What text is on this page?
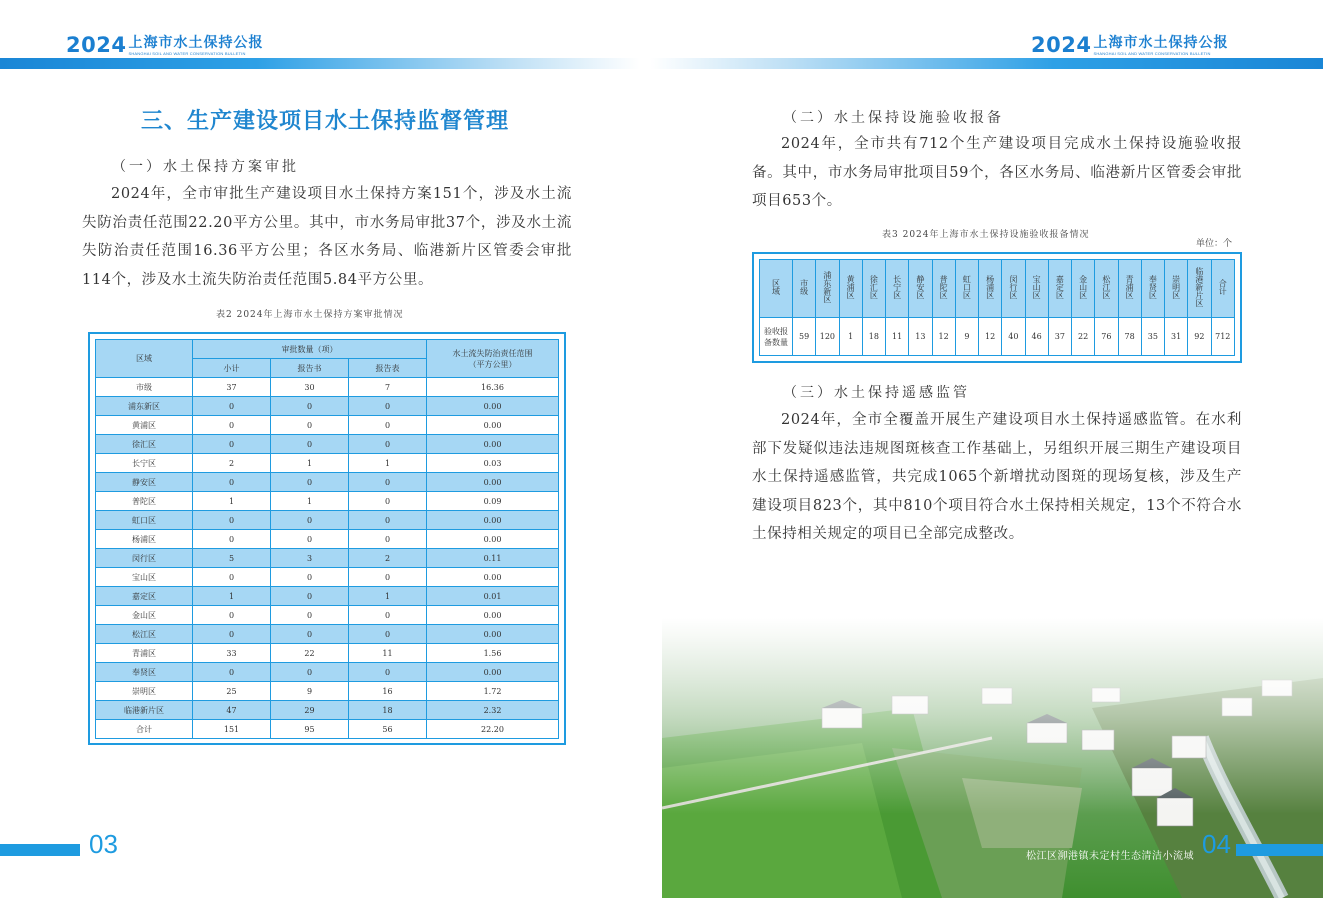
2024 上海市水土保持公报
SHANGHAI SOIL AND WATER CONSERVATION BULLETIN	2024 上海市水土保持公报
SHANGHAI SOIL AND WATER CONSERVATION BULLETIN
三、生产建设项目水土保持监督管理
（一）水土保持方案审批

2024年，全市审批生产建设项目水土保持方案151个，涉及水土流失防治责任范围22.20平方公里。其中，市水务局审批37个，涉及水土流失防治责任范围16.36平方公里；各区水务局、临港新片区管委会审批114个，涉及水土流失防治责任范围5.84平方公里。

表2 2024年上海市水土保持方案审批情况
区域	审批数量（项）			水土流失防治责任范围
（平方公里）
	小计	报告书	报告表	
市级	37	30	7	16.36
浦东新区	0	0	0	0.00
黄浦区	0	0	0	0.00
徐汇区	0	0	0	0.00
长宁区	2	1	1	0.03
静安区	0	0	0	0.00
普陀区	1	1	0	0.09
虹口区	0	0	0	0.00
杨浦区	0	0	0	0.00
闵行区	5	3	2	0.11
宝山区	0	0	0	0.00
嘉定区	1	0	1	0.01
金山区	0	0	0	0.00
松江区	0	0	0	0.00
青浦区	33	22	11	1.56
奉贤区	0	0	0	0.00
崇明区	25	9	16	1.72
临港新片区	47	29	18	2.32
合计	151	95	56	22.20
03
（二）水土保持设施验收报备

2024年，全市共有712个生产建设项目完成水土保持设施验收报备。其中，市水务局审批项目59个，各区水务局、临港新片区管委会审批项目653个。

表3 2024年上海市水土保持设施验收报备情况
单位：个
区域	市级	浦东新区	黄浦区	徐汇区	长宁区	静安区	普陀区	虹口区	杨浦区	闵行区	宝山区	嘉定区	金山区	松江区	青浦区	奉贤区	崇明区	临港新片区	合计
验收报备数量	59	120	1	18	11	13	12	9	12	40	46	37	22	76	78	35	31	92	712
（三）水土保持遥感监管

2024年，全市全覆盖开展生产建设项目水土保持遥感监管。在水利部下发疑似违法违规图斑核查工作基础上，另组织开展三期生产建设项目水土保持遥感监管，共完成1065个新增扰动图斑的现场复核，涉及生产建设项目823个，其中810个项目符合水土保持相关规定，13个不符合水土保持相关规定的项目已全部完成整改。

松江区泖港镇未定村生态清洁小流域 04
